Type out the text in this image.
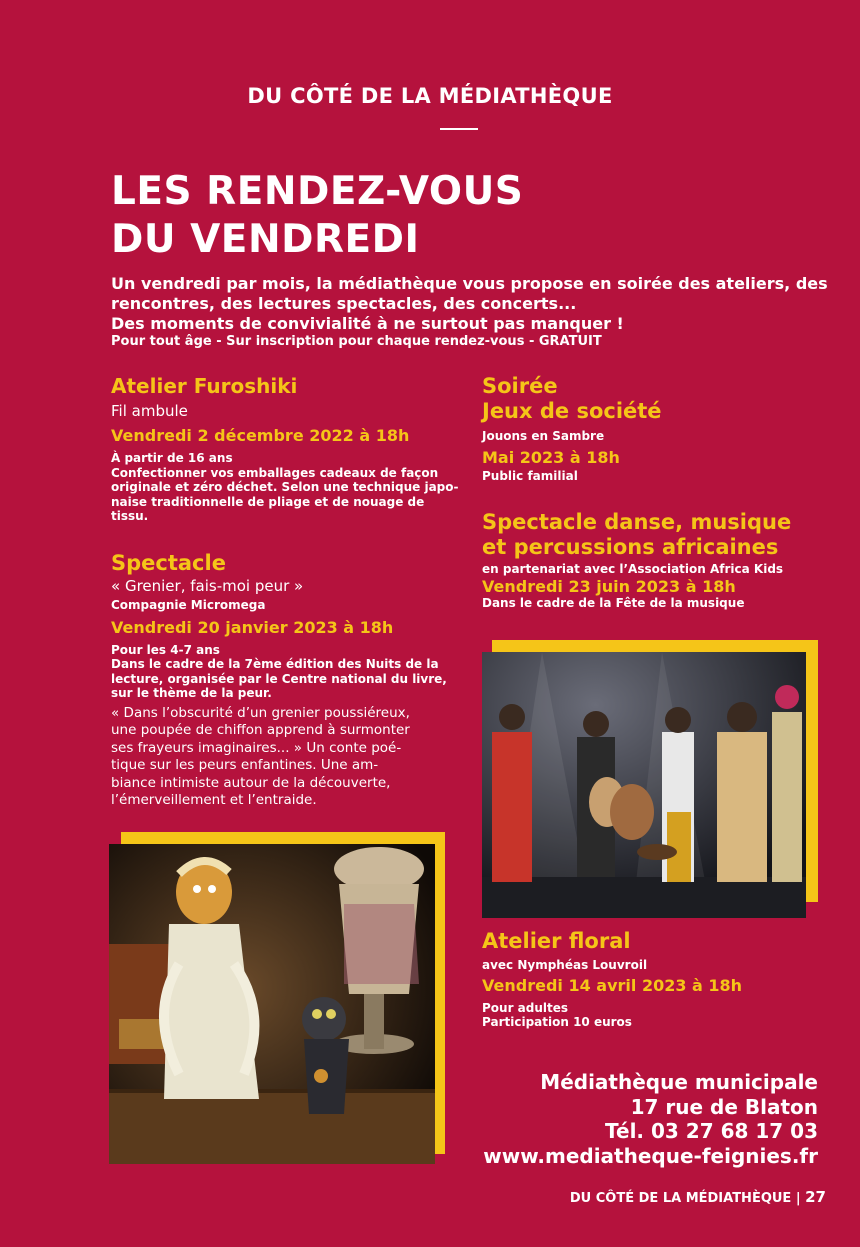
DU CÔTÉ DE LA MÉDIATHÈQUE
LES RENDEZ-VOUS
DU VENDREDI
Un vendredi par mois, la médiathèque vous propose en soirée des ateliers, des
rencontres, des lectures spectacles, des concerts...
Des moments de convivialité à ne surtout pas manquer !
Pour tout âge - Sur inscription pour chaque rendez-vous - GRATUIT
Atelier Furoshiki
Fil ambule
Vendredi 2 décembre 2022 à 18h
À partir de 16 ans
Confectionner vos emballages cadeaux de façon
originale et zéro déchet. Selon une technique japo-
naise traditionnelle de pliage et de nouage de
tissu.
Spectacle
« Grenier, fais-moi peur »
Compagnie Micromega
Vendredi 20 janvier 2023 à 18h
Pour les 4-7 ans
Dans le cadre de la 7ème édition des Nuits de la
lecture, organisée par le Centre national du livre,
sur le thème de la peur.
« Dans l’obscurité d’un grenier poussiéreux,
une poupée de chiffon apprend à surmonter
ses frayeurs imaginaires... » Un conte poé-
tique sur les peurs enfantines. Une am-
biance intimiste autour de la découverte,
l’émerveillement et l’entraide.
Soirée
Jeux de société
Jouons en Sambre
Mai 2023 à 18h
Public familial
Spectacle danse, musique
et percussions africaines
en partenariat avec l’Association Africa Kids
Vendredi 23 juin 2023 à 18h
Dans le cadre de la Fête de la musique
Atelier floral
avec Nymphéas Louvroil
Vendredi 14 avril 2023 à 18h
Pour adultes
Participation 10 euros
Médiathèque municipale
17 rue de Blaton
Tél. 03 27 68 17 03
www.mediatheque-feignies.fr
DU CÔTÉ DE LA MÉDIATHÈQUE | 27
